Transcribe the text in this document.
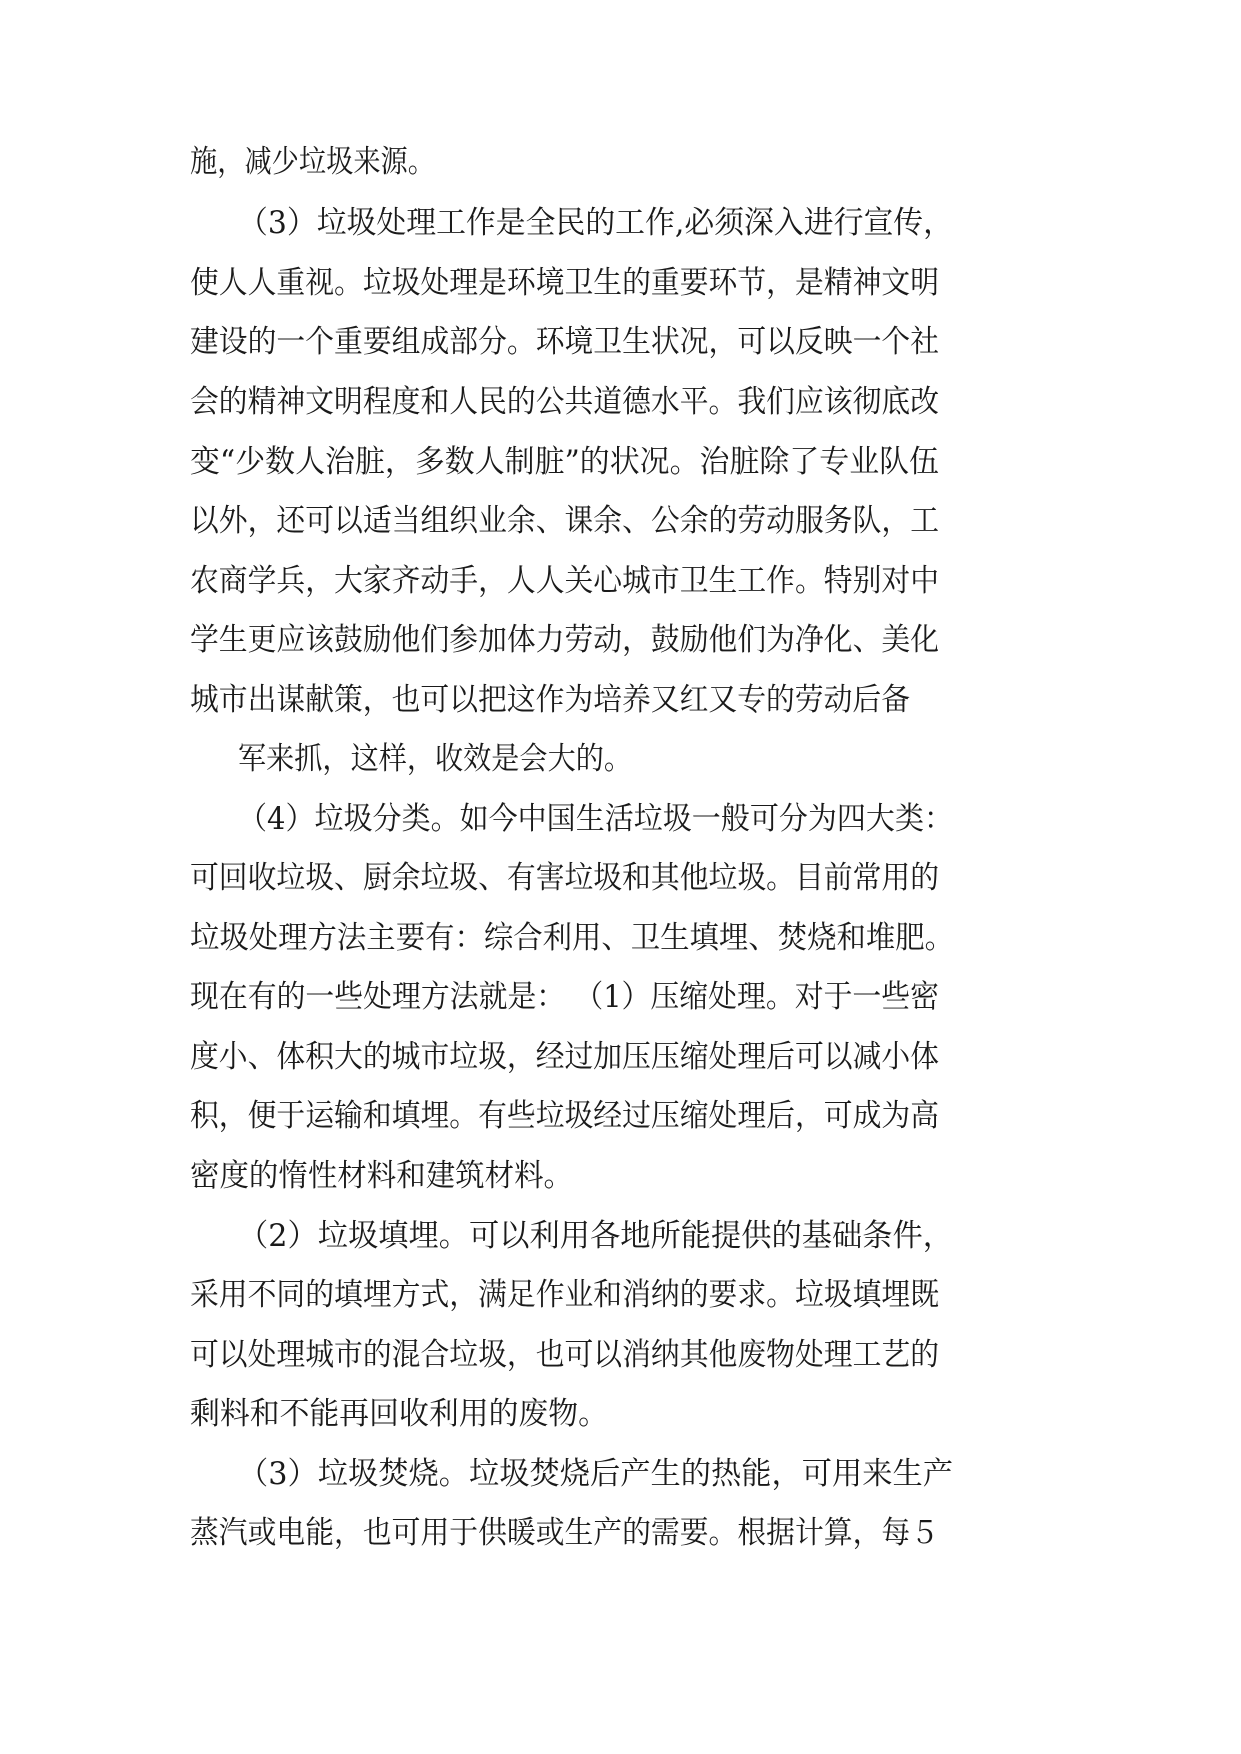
施，减少垃圾来源。
（3）垃圾处理工作是全民的工作,必须深入进行宣传，
使人人重视。垃圾处理是环境卫生的重要环节，是精神文明
建设的一个重要组成部分。环境卫生状况，可以反映一个社
会的精神文明程度和人民的公共道德水平。我们应该彻底改
变“少数人治脏，多数人制脏”的状况。治脏除了专业队伍
以外，还可以适当组织业余、课余、公余的劳动服务队，工
农商学兵，大家齐动手，人人关心城市卫生工作。特别对中
学生更应该鼓励他们参加体力劳动，鼓励他们为净化、美化
城市出谋献策，也可以把这作为培养又红又专的劳动后备
军来抓，这样，收效是会大的。
（4）垃圾分类。如今中国生活垃圾一般可分为四大类：
可回收垃圾、厨余垃圾、有害垃圾和其他垃圾。目前常用的
垃圾处理方法主要有：综合利用、卫生填埋、焚烧和堆肥。
现在有的一些处理方法就是： （1）压缩处理。对于一些密
度小、体积大的城市垃圾，经过加压压缩处理后可以减小体
积，便于运输和填埋。有些垃圾经过压缩处理后，可成为高
密度的惰性材料和建筑材料。
（2）垃圾填埋。可以利用各地所能提供的基础条件，
采用不同的填埋方式，满足作业和消纳的要求。垃圾填埋既
可以处理城市的混合垃圾，也可以消纳其他废物处理工艺的
剩料和不能再回收利用的废物。
（3）垃圾焚烧。垃圾焚烧后产生的热能，可用来生产
蒸汽或电能，也可用于供暖或生产的需要。根据计算，每５
